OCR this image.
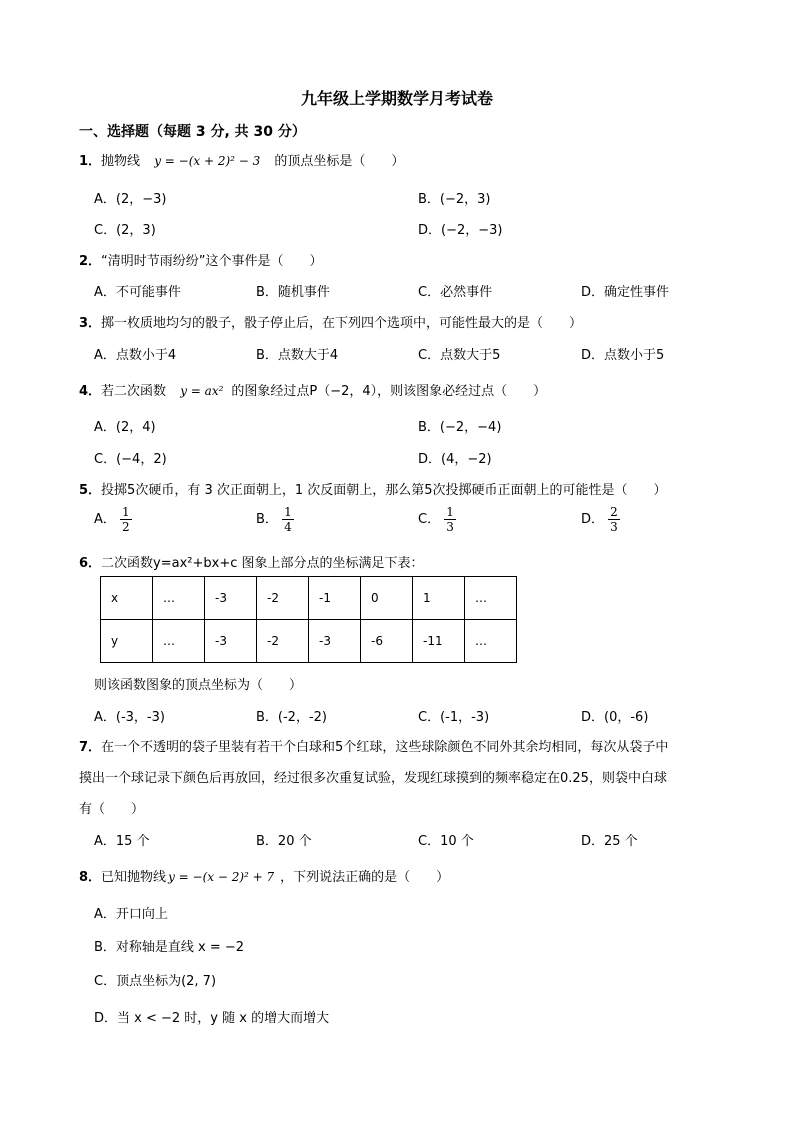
九年级上学期数学月考试卷
一、选择题（每题 3 分, 共 30 分）
1．抛物线 y = −(x + 2)² − 3 的顶点坐标是（　　）
A．(2，−3)	B．(−2，3)
C．(2，3)	D．(−2，−3)
2．“清明时节雨纷纷”这个事件是（　　）
A．不可能事件	B．随机事件	C．必然事件	D．确定性事件
3．掷一枚质地均匀的骰子，骰子停止后，在下列四个选项中，可能性最大的是（　　）
A．点数小于4	B．点数大于4	C．点数大于5	D．点数小于5
4．若二次函数 y = ax² 的图象经过点P（−2，4），则该图象必经过点（　　）
A．(2，4)	B．(−2，−4)
C．(−4，2)	D．(4，−2)
5．投掷5次硬币，有 3 次正面朝上，1 次反面朝上，那么第5次投掷硬币正面朝上的可能性是（　　）
A． $\frac{1}{2}$	B． $\frac{1}{4}$	C． $\frac{1}{3}$	D． $\frac{2}{3}$
6．二次函数y=ax²+bx+c 图象上部分点的坐标满足下表：
x	…	-3	-2	-1	0	1	…
y	…	-3	-2	-3	-6	-11	…
则该函数图象的顶点坐标为（　　）
A．(-3，-3)	B．(-2，-2)	C．(-1，-3)	D．(0，-6)
7．在一个不透明的袋子里装有若干个白球和5个红球，这些球除颜色不同外其余均相同，每次从袋子中
摸出一个球记录下颜色后再放回，经过很多次重复试验，发现红球摸到的频率稳定在0.25，则袋中白球
有（　　）
A．15 个	B．20 个	C．10 个	D．25 个
8．已知抛物线 y = −(x − 2)² + 7 ，下列说法正确的是（　　）
A．开口向上
B．对称轴是直线 x = −2
C．顶点坐标为(2, 7)
D．当 x < −2 时，y 随 x 的增大而增大
